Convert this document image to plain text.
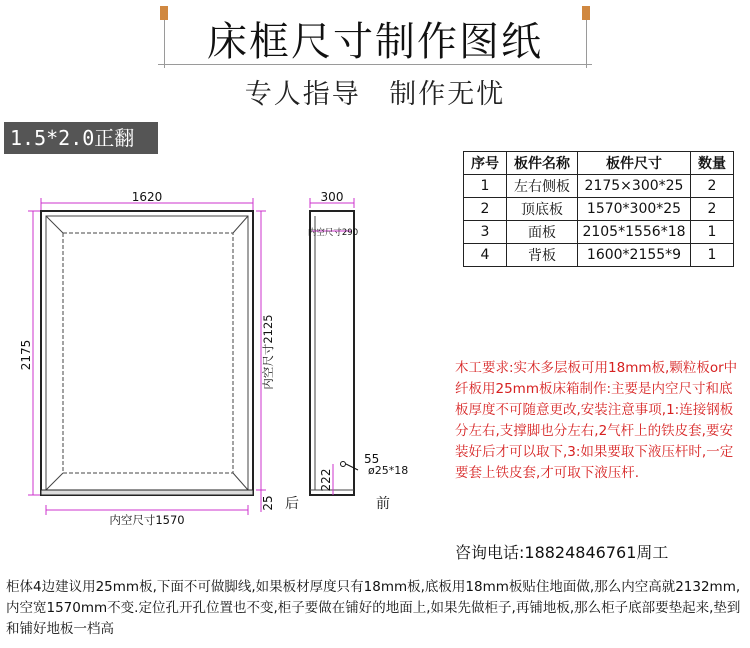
床框尺寸制作图纸
专人指导 制作无忧
1.5*2.0正翻
1620
2175	内空尺寸2125
25 后
内空尺寸1570
300
内空尺寸290
55
ø25*18
222
前
序号	板件名称	板件尺寸	数量
1	左右侧板	2175×300*25	2
2	顶底板	1570*300*25	2
3	面板	2105*1556*18	1
4	背板	1600*2155*9	1
木工要求:实木多层板可用18mm板,颗粒板or中纤板用25mm板床箱制作:主要是内空尺寸和底板厚度不可随意更改,安装注意事项,1:连接钢板分左右,支撑脚也分左右,2气杆上的铁皮套,要安装好后才可以取下,3:如果要取下液压杆时,一定要套上铁皮套,才可取下液压杆.
咨询电话:18824846761周工
柜体4边建议用25mm板,下面不可做脚线,如果板材厚度只有18mm板,底板用18mm板贴住地面做,那么内空高就2132mm,内空宽1570mm不变.定位孔开孔位置也不变,柜子要做在铺好的地面上,如果先做柜子,再铺地板,那么柜子底部要垫起来,垫到和铺好地板一档高
